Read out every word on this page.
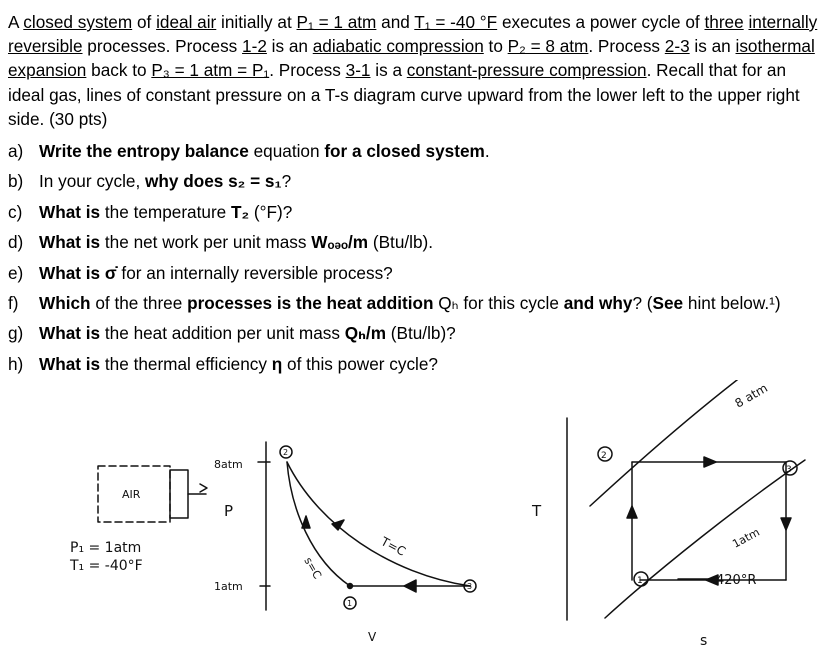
A closed system of ideal air initially at P₁ = 1 atm and T₁ = -40 °F executes a power cycle of three internally reversible processes. Process 1-2 is an adiabatic compression to P₂ = 8 atm. Process 2-3 is an isothermal expansion back to P₃ = 1 atm = P₁. Process 3-1 is a constant-pressure compression. Recall that for an ideal gas, lines of constant pressure on a T-s diagram curve upward from the lower left to the upper right side. (30 pts)
a) Write the entropy balance equation for a closed system.
b) In your cycle, why does s₂ = s₁?
c) What is the temperature T₂ (°F)?
d) What is the net work per unit mass Wₒₔₒ/m (Btu/lb).
e) What is σ̇ for an internally reversible process?
f)	Which of the three processes is the heat addition Qₕ for this cycle and why? (See hint below.¹)
g) What is the heat addition per unit mass Qₕ/m (Btu/lb)?
h) What is the thermal efficiency η of this power cycle?
AIR
P₁ = 1atm
T₁ = -40°F
8atm
P
1atm
V
T=C
s=C
2
1
3
T
s
8 atm
1atm
2
3
1	420°R
